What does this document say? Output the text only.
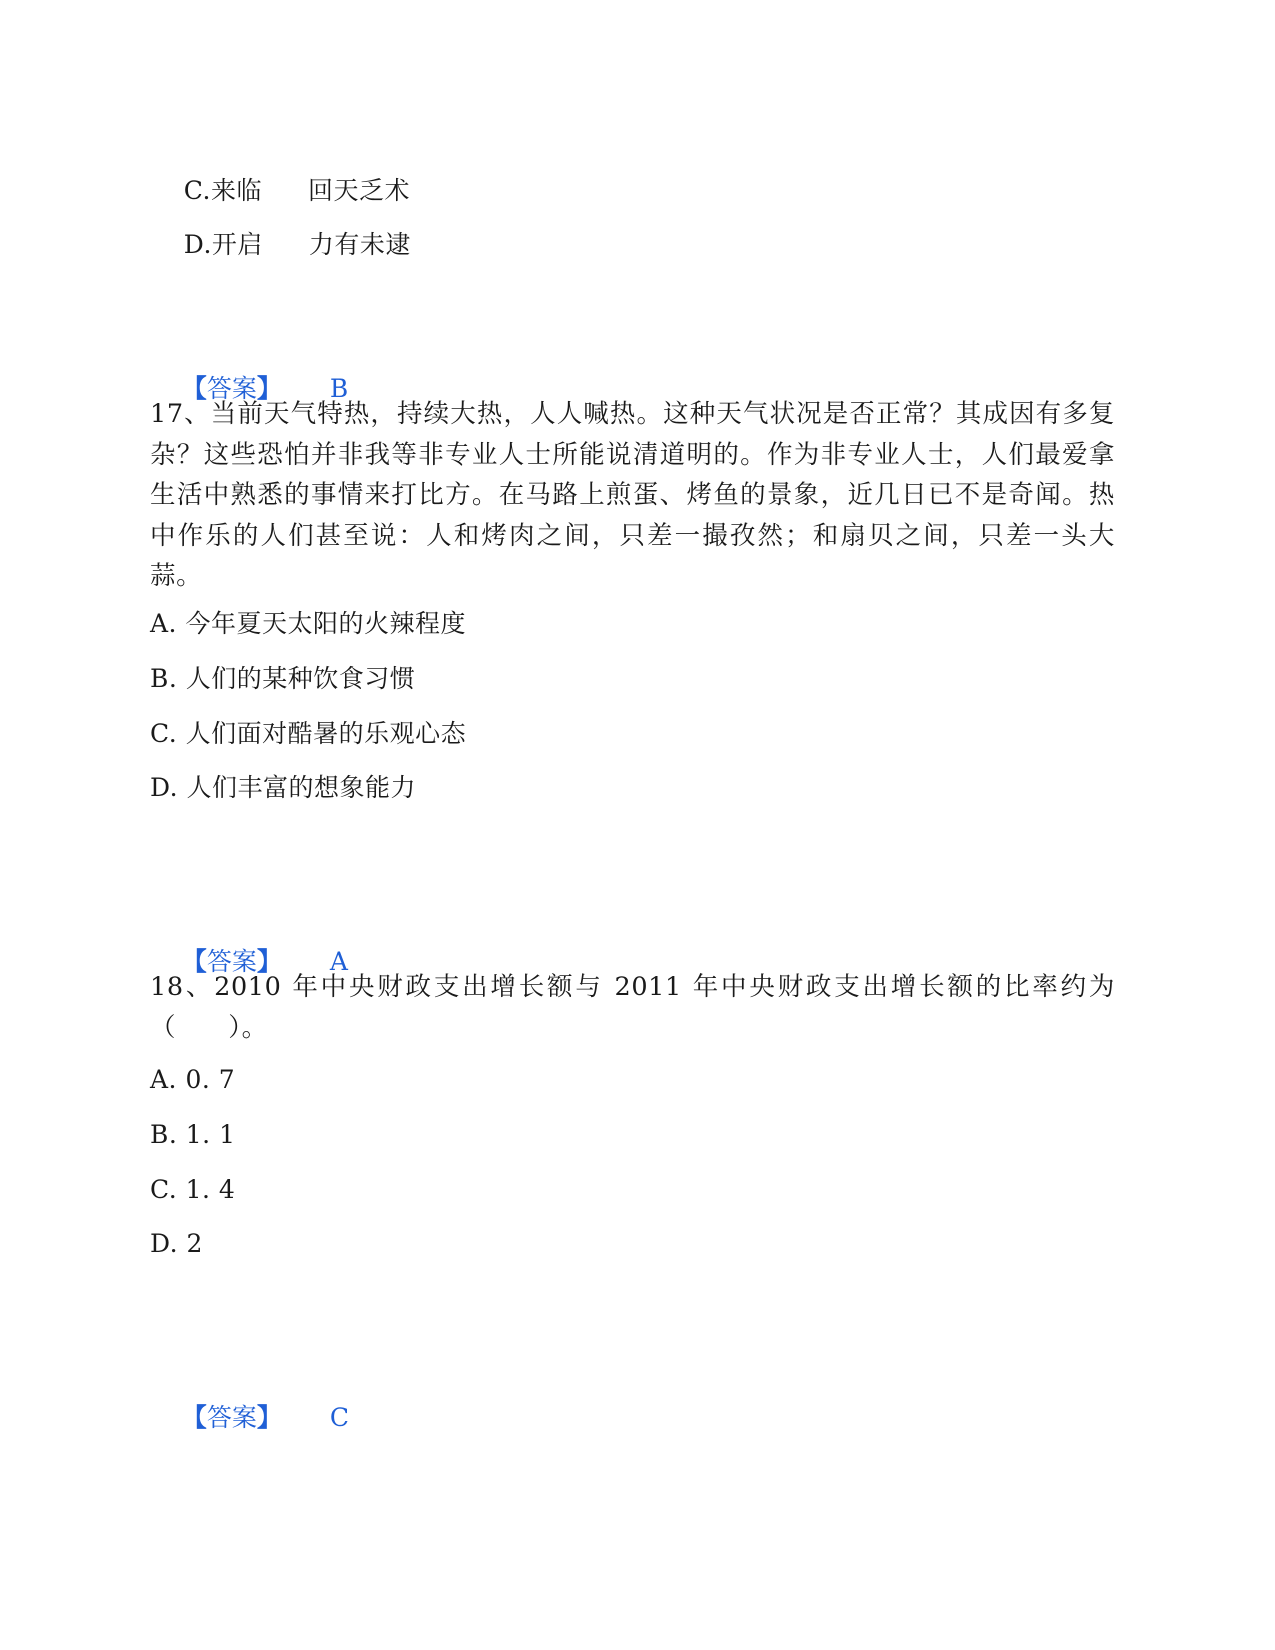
C.来临 回天乏术

D.开启 力有未逮

【答案】 B

17、当前天气特热，持续大热，人人喊热。这种天气状况是否正常？其成因有多复杂？这些恐怕并非我等非专业人士所能说清道明的。作为非专业人士，人们最爱拿生活中熟悉的事情来打比方。在马路上煎蛋、烤鱼的景象，近几日已不是奇闻。热中作乐的人们甚至说：人和烤肉之间，只差一撮孜然；和扇贝之间，只差一头大蒜。
A. 今年夏天太阳的火辣程度
B. 人们的某种饮食习惯
C. 人们面对酷暑的乐观心态
D. 人们丰富的想象能力

【答案】 A

18、2010 年中央财政支出增长额与 2011 年中央财政支出增长额的比率约为（　　）。
A. 0. 7
B. 1. 1
C. 1. 4
D. 2

【答案】 C
